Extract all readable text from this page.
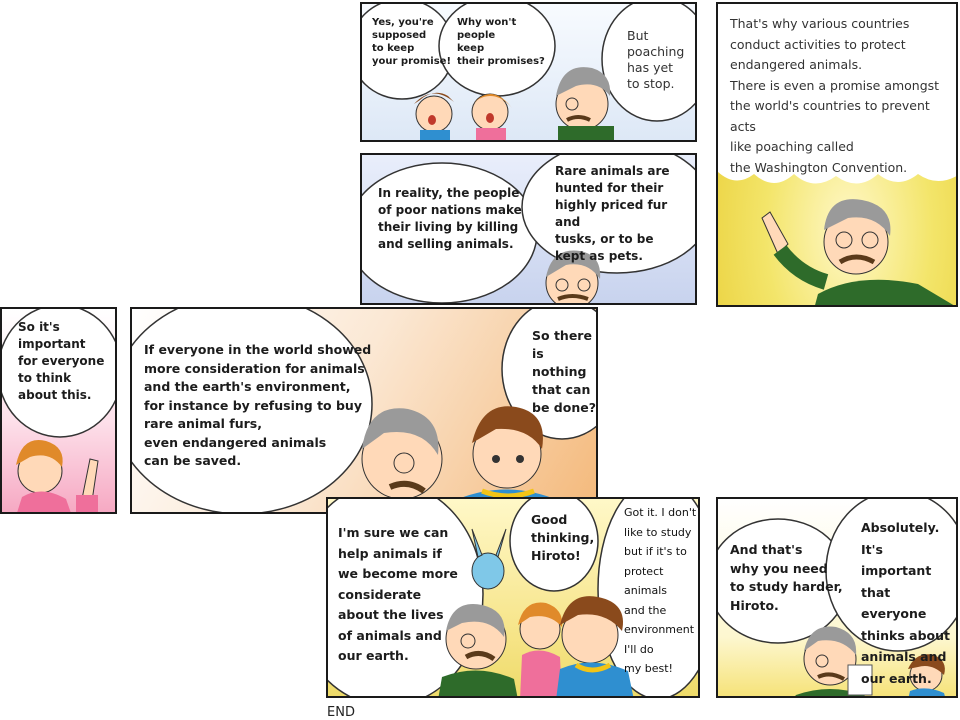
Yes, you're
supposed
to keep
your promise!
Why won't
people
keep
their promises?
But
poaching
has yet
to stop.
That's why various countries
conduct activities to protect
endangered animals.
There is even a promise amongst
the world's countries to prevent acts
like poaching called
the Washington Convention.
In reality, the people
of poor nations make
their living by killing
and selling animals.
Rare animals are
hunted for their
highly priced fur and
tusks, or to be
kept as pets.
So it's
important
for everyone
to think
about this.
If everyone in the world showed
more consideration for animals
and the earth's environment,
for instance by refusing to buy
rare animal furs,
even endangered animals
can be saved.
So there
is nothing
that can
be done?
I'm sure we can
help animals if
we become more
considerate
about the lives
of animals and
our earth.
Good
thinking,
Hiroto!
Got it. I don't
like to study
but if it's to
protect
animals
and the
environment
I'll do
my best!
And that's
why you need
to study harder,
Hiroto.
Absolutely.
It's important
that everyone
thinks about
animals and
our earth.
END
